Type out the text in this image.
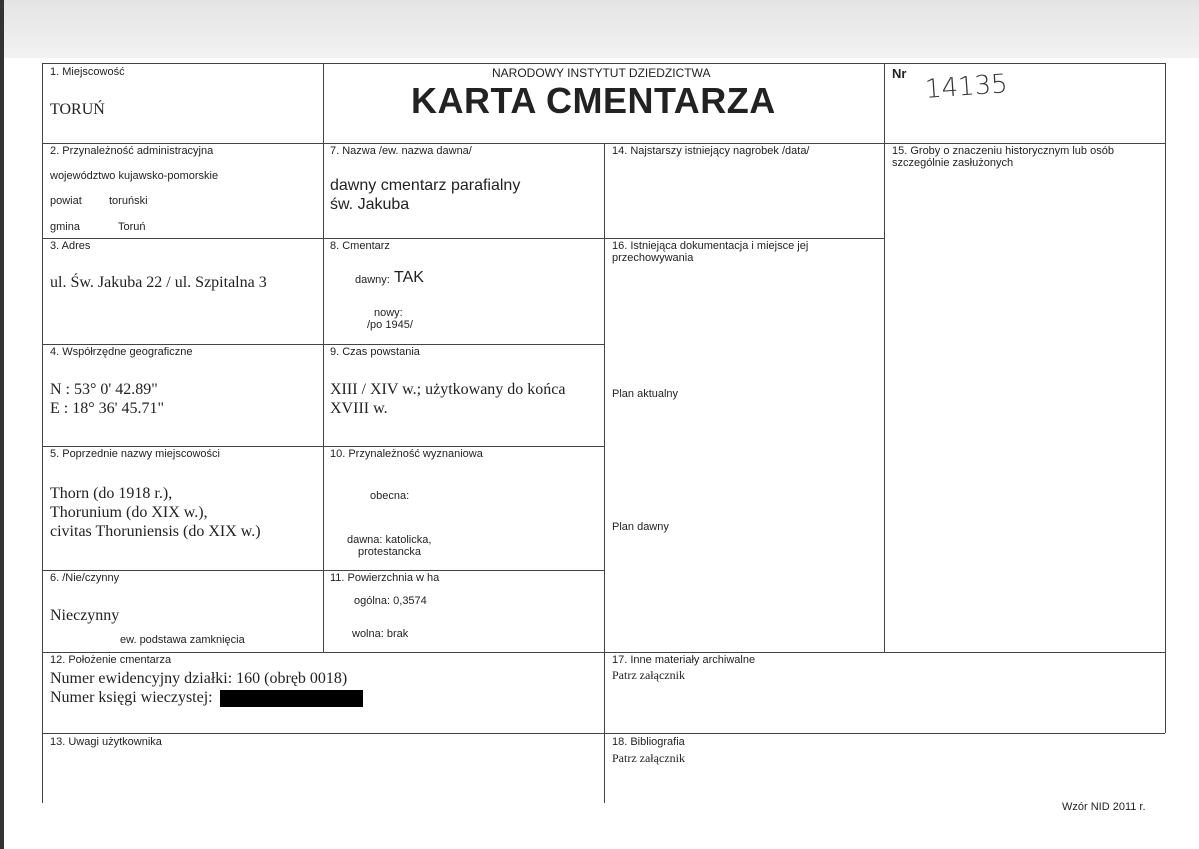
NARODOWY INSTYTUT DZIEDZICTWA
KARTA CMENTARZA
Nr 14135
1. Miejscowość
TORUŃ
2. Przynależność administracyjna
województwo kujawsko-pomorskie
powiat toruński
gmina	Toruń
3. Adres
ul. Św. Jakuba 22 / ul. Szpitalna 3
4. Współrzędne geograficzne
N : 53° 0' 42.89"
E : 18° 36' 45.71"
5. Poprzednie nazwy miejscowości
Thorn (do 1918 r.),
Thorunium (do XIX w.),
civitas Thoruniensis (do XIX w.)
6. /Nie/czynny
Nieczynny
ew. podstawa zamknięcia
7. Nazwa /ew. nazwa dawna/
dawny cmentarz parafialny
św. Jakuba
8. Cmentarz
dawny: TAK
nowy:
/po 1945/
9. Czas powstania
XIII / XIV w.; użytkowany do końca
XVIII w.
10. Przynależność wyznaniowa
obecna:
dawna: katolicka,
protestancka
11. Powierzchnia w ha
ogólna: 0,3574
wolna: brak
12. Położenie cmentarza
Numer ewidencyjny działki: 160 (obręb 0018)
Numer księgi wieczystej:
13. Uwagi użytkownika
14. Najstarszy istniejący nagrobek /data/	15. Groby o znaczeniu historycznym lub osób
szczególnie zasłużonych
16. Istniejąca dokumentacja i miejsce jej
przechowywania
Plan aktualny
Plan dawny
17. Inne materiały archiwalne
Patrz załącznik
18. Bibliografia
Patrz załącznik
Wzór NID 2011 r.
